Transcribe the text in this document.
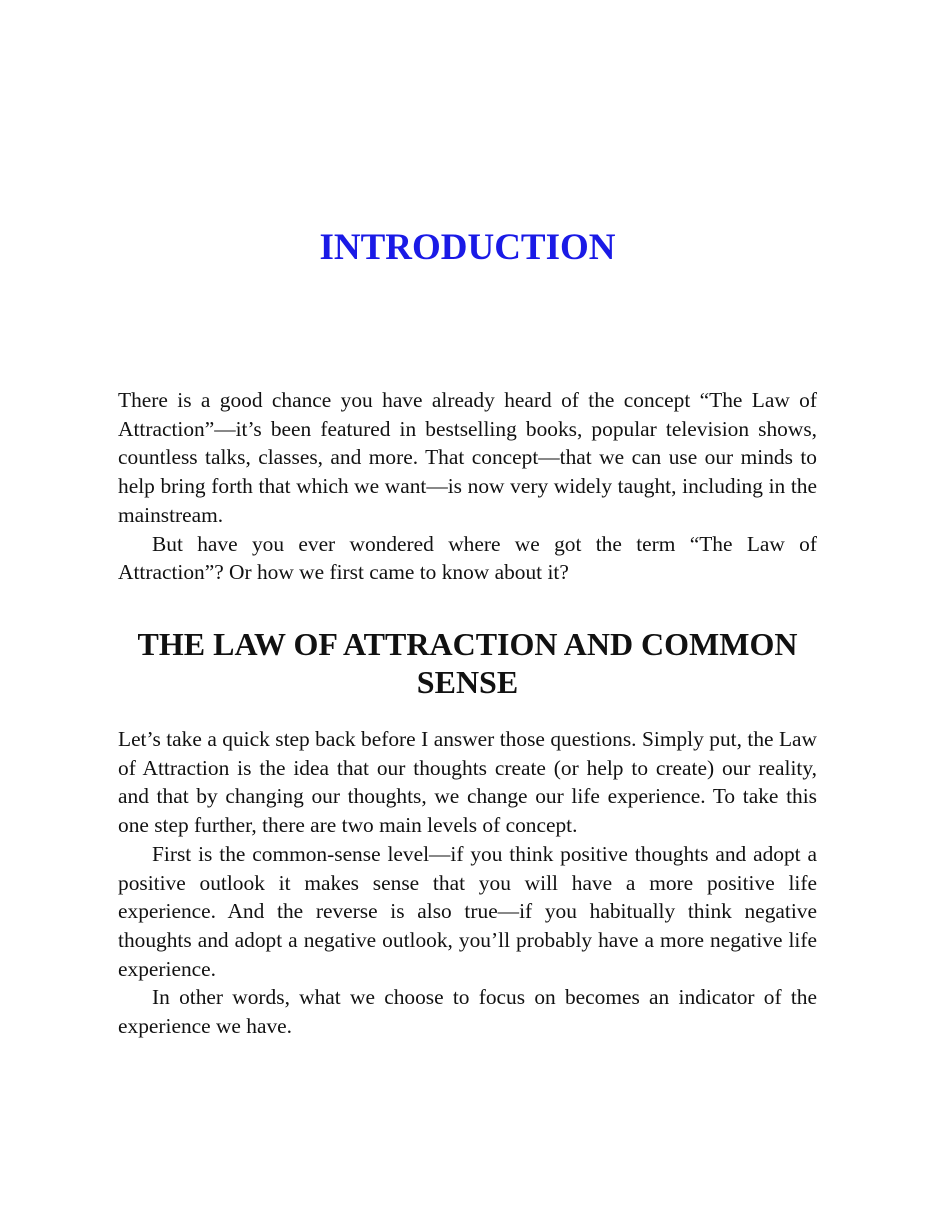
INTRODUCTION

There is a good chance you have already heard of the concept “The Law of Attraction”—it’s been featured in bestselling books, popular television shows, countless talks, classes, and more. That concept—that we can use our minds to help bring forth that which we want—is now very widely taught, including in the mainstream.

But have you ever wondered where we got the term “The Law of Attraction”? Or how we first came to know about it?

THE LAW OF ATTRACTION AND COMMON SENSE

Let’s take a quick step back before I answer those questions. Simply put, the Law of Attraction is the idea that our thoughts create (or help to create) our reality, and that by changing our thoughts, we change our life experience. To take this one step further, there are two main levels of concept.

First is the common-sense level—if you think positive thoughts and adopt a positive outlook it makes sense that you will have a more positive life experience. And the reverse is also true—if you habitually think negative thoughts and adopt a negative outlook, you’ll probably have a more negative life experience.

In other words, what we choose to focus on becomes an indicator of the experience we have.
